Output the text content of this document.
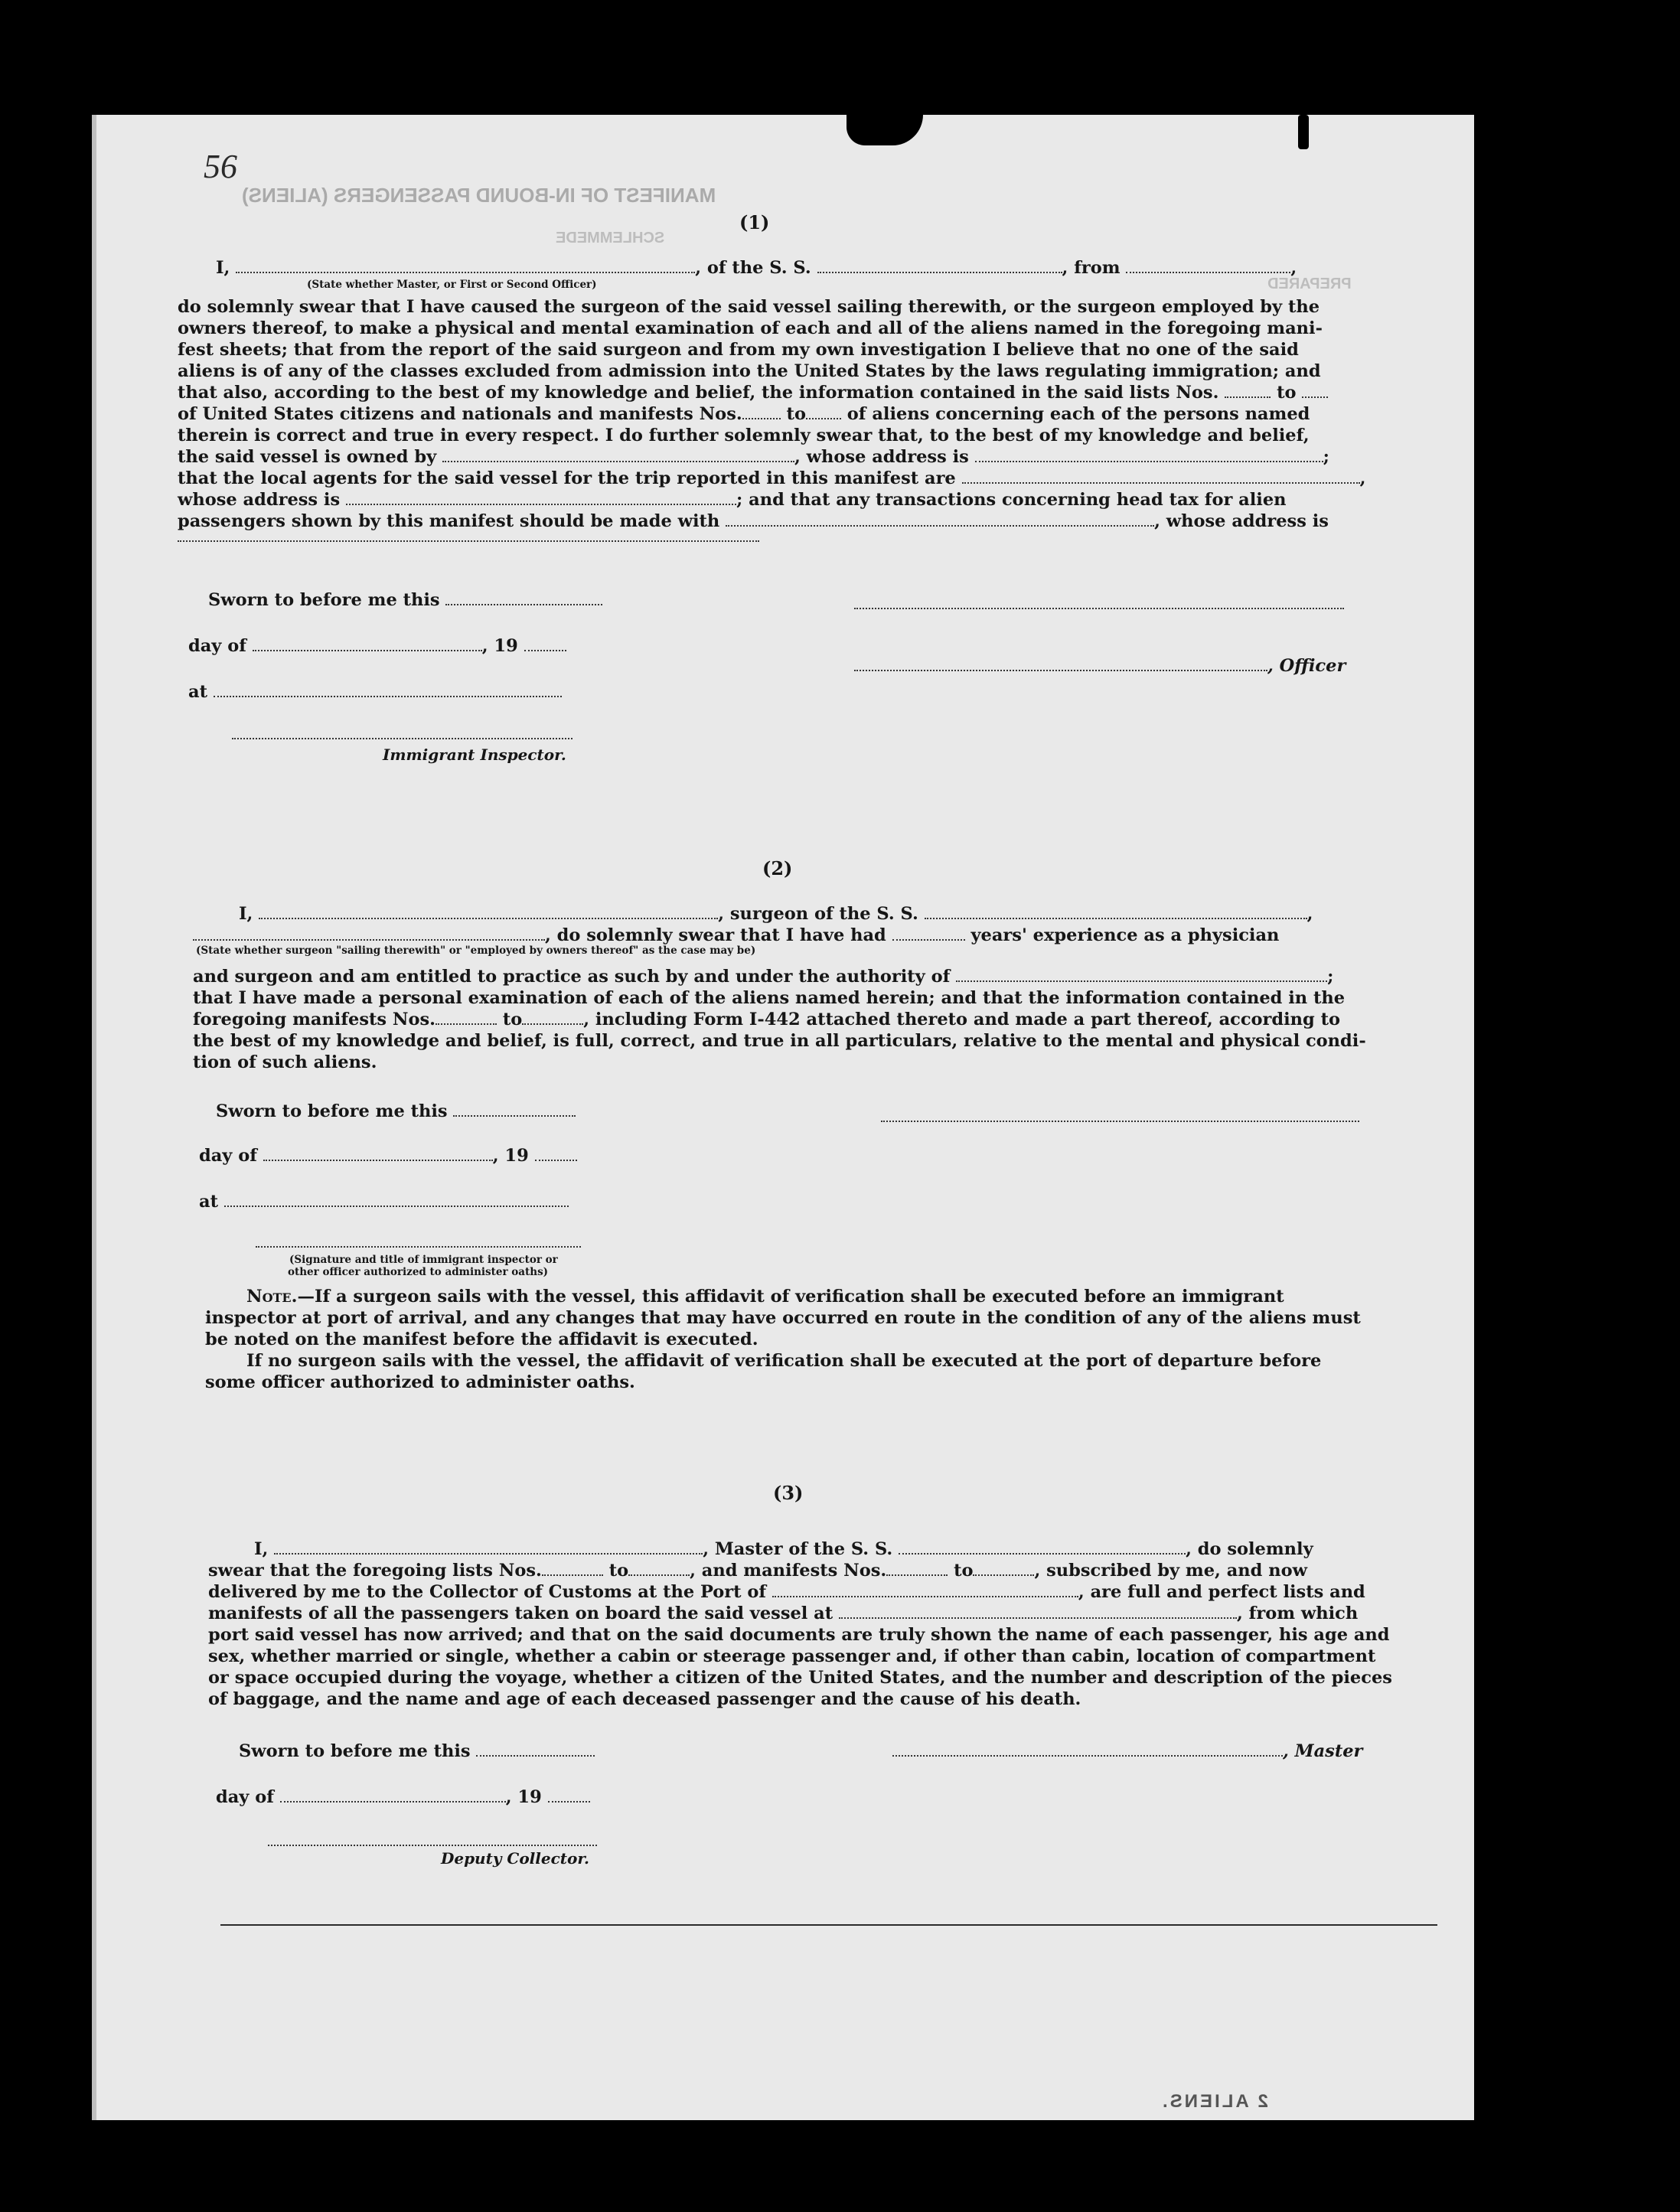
56
MANIFEST OF IN-BOUND PASSENGERS (ALIENS)
SCHLEMMEDE
PREPARED
(1)
I,	, of the S. S.	, from	,
(State whether Master, or First or Second Officer)
do solemnly swear that I have caused the surgeon of the said vessel sailing therewith, or the surgeon employed by the
owners thereof, to make a physical and mental examination of each and all of the aliens named in the foregoing mani-
fest sheets; that from the report of the said surgeon and from my own investigation I believe that no one of the said
aliens is of any of the classes excluded from admission into the United States by the laws regulating immigration; and
that also, according to the best of my knowledge and belief, the information contained in the said lists Nos.	to
of United States citizens and nationals and manifests Nos.	to of aliens concerning each of the persons named
therein is correct and true in every respect. I do further solemnly swear that, to the best of my knowledge and belief,
the said vessel is owned by	, whose address is	;
that the local agents for the said vessel for the trip reported in this manifest are	,
whose address is	; and that any transactions concerning head tax for alien
passengers shown by this manifest should be made with	, whose address is
Sworn to before me this
day of	, 19
at
Immigrant Inspector.
, Officer
(2)
I,	, surgeon of the S. S.	,
, do solemnly swear that I have had	years' experience as a physician
(State whether surgeon "sailing therewith" or "employed by owners thereof" as the case may be)
and surgeon and am entitled to practice as such by and under the authority of	;
that I have made a personal examination of each of the aliens named herein; and that the information contained in the
foregoing manifests Nos.	to	, including Form I-442 attached thereto and made a part thereof, according to
the best of my knowledge and belief, is full, correct, and true in all particulars, relative to the mental and physical condi-
tion of such aliens.
Sworn to before me this
day of	, 19
at
(Signature and title of immigrant inspector or
other officer authorized to administer oaths)
Note.—If a surgeon sails with the vessel, this affidavit of verification shall be executed before an immigrant
inspector at port of arrival, and any changes that may have occurred en route in the condition of any of the aliens must
be noted on the manifest before the affidavit is executed.
If no surgeon sails with the vessel, the affidavit of verification shall be executed at the port of departure before
some officer authorized to administer oaths.
(3)
I,	, Master of the S. S.	, do solemnly
swear that the foregoing lists Nos.	to	, and manifests Nos.	to	, subscribed by me, and now
delivered by me to the Collector of Customs at the Port of	, are full and perfect lists and
manifests of all the passengers taken on board the said vessel at	, from which
port said vessel has now arrived; and that on the said documents are truly shown the name of each passenger, his age and
sex, whether married or single, whether a cabin or steerage passenger and, if other than cabin, location of compartment
or space occupied during the voyage, whether a citizen of the United States, and the number and description of the pieces
of baggage, and the name and age of each deceased passenger and the cause of his death.
Sworn to before me this	, Master
day of	, 19
Deputy Collector.
2 ALIENS.
